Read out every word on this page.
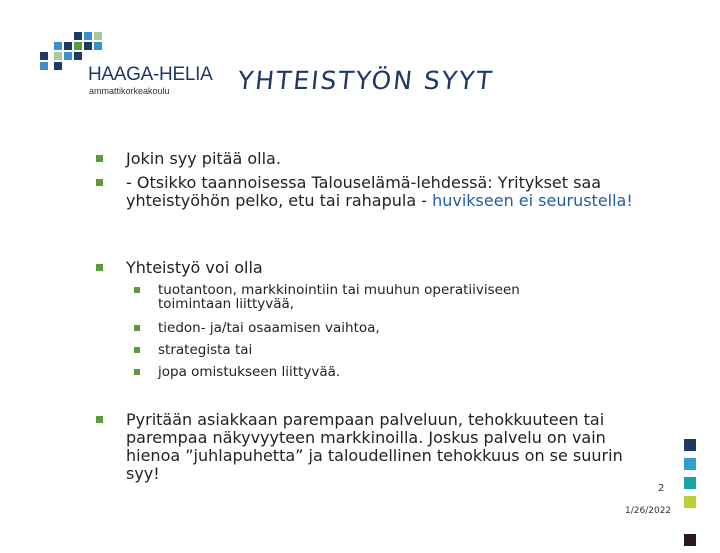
HAAGA-HELIA
ammattikorkeakoulu	YHTEISTYÖN SYYT
Jokin syy pitää olla.
- Otsikko taannoisessa Talouselämä-lehdessä: Yritykset saa yhteistyöhön pelko, etu tai rahapula - huvikseen ei seurustella!
Yhteistyö voi olla
tuotantoon, markkinointiin tai muuhun operatiiviseen toimintaan liittyvää,
tiedon- ja/tai osaamisen vaihtoa,
strategista tai
jopa omistukseen liittyvää.
Pyritään asiakkaan parempaan palveluun, tehokkuuteen tai parempaa näkyvyyteen markkinoilla. Joskus palvelu on vain hienoa ”juhlapuhetta” ja taloudellinen tehokkuus on se suurin syy!
2
1/26/2022
